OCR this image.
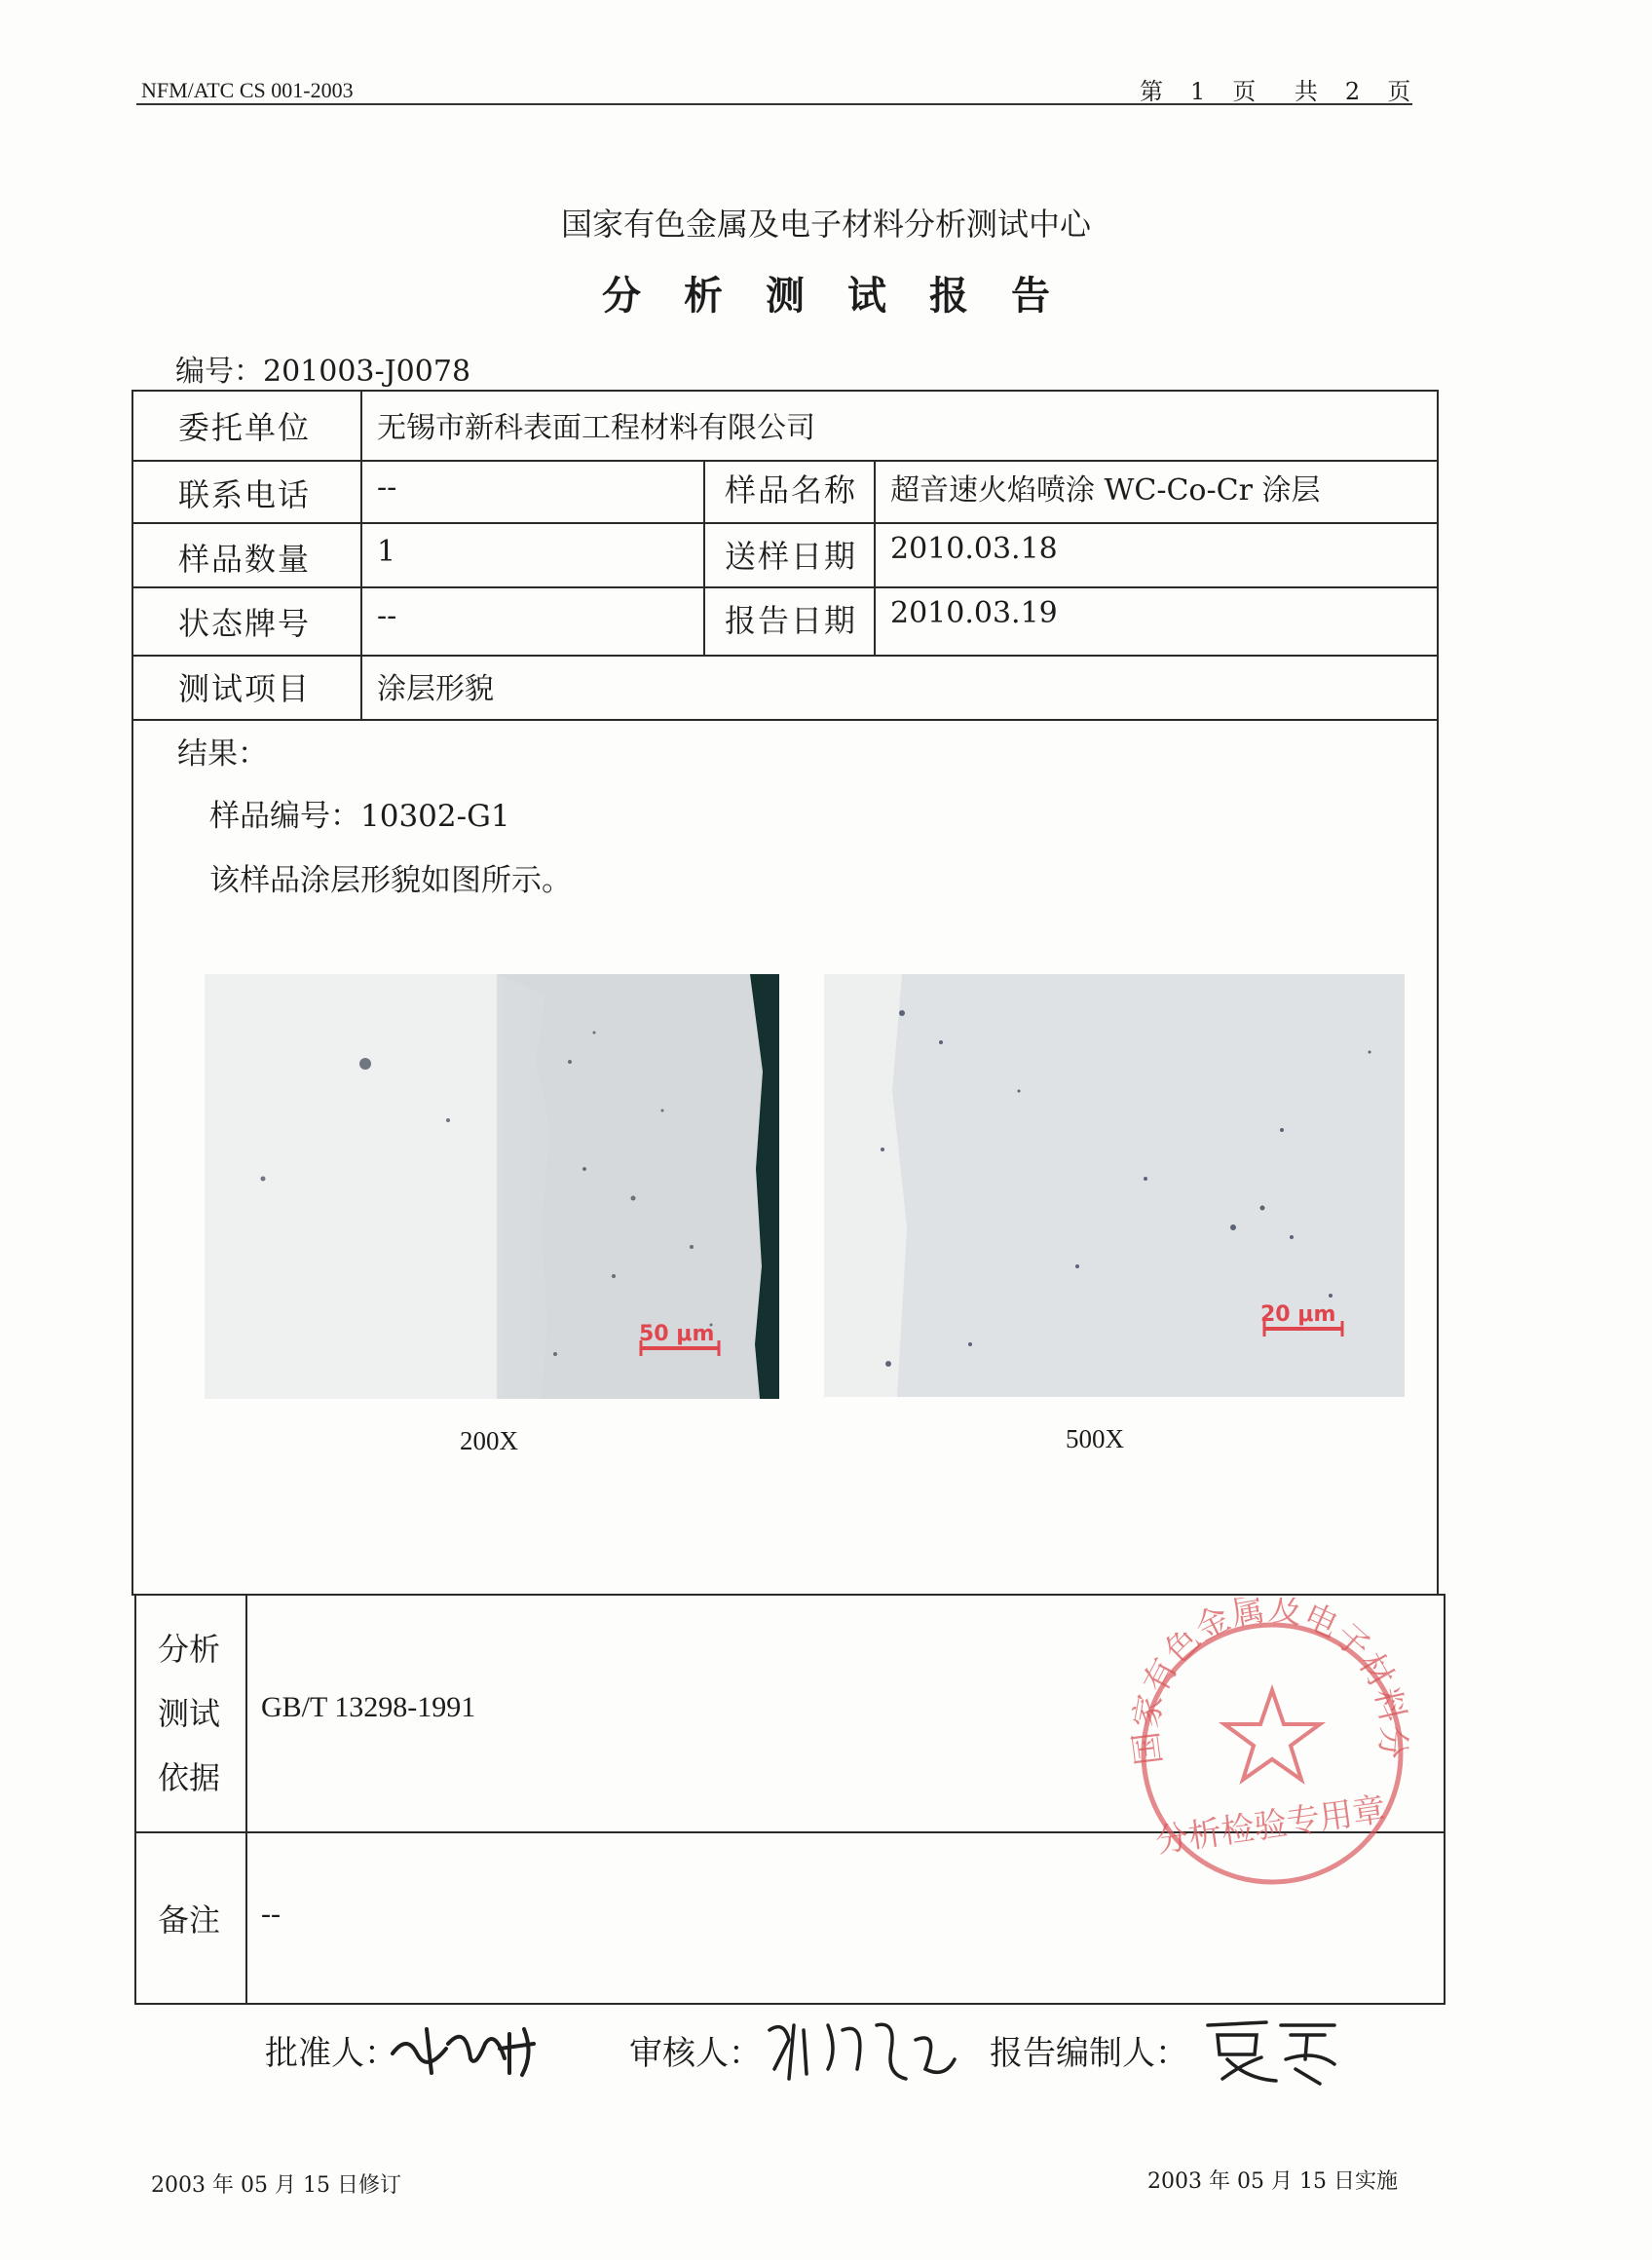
NFM/ATC CS 001-2003	第 1 页 共 2 页
国家有色金属及电子材料分析测试中心
分析测试报告
编号：201003-J0078
委托单位 无锡市新科表面工程材料有限公司
联系电话 --	样品名称 超音速火焰喷涂 WC-Co-Cr 涂层
样品数量 1	送样日期 2010.03.18
状态牌号 --	报告日期 2010.03.19
测试项目 涂层形貌
结果：
样品编号：10302-G1
该样品涂层形貌如图所示。
50 μm
200X
20 μm
500X
分析
测试
依据
GB/T 13298-1991
备注 --
国家有色金属及电子材料分
分析检验专用章
批准人：	审核人：	报告编制人：
2003 年 05 月 15 日修订	2003 年 05 月 15 日实施
